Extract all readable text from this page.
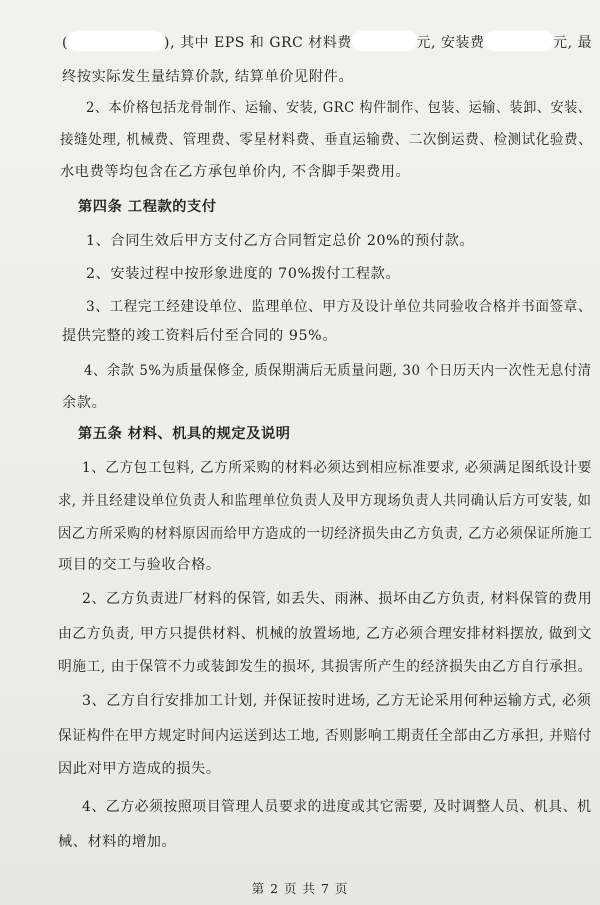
(	), 其中 EPS 和 GRC 材料费	元, 安装费	元, 最
终按实际发生量结算价款, 结算单价见附件。
2、本价格包括龙骨制作、运输、安装, GRC 构件制作、包装、运输、装卸、安装、
接缝处理, 机械费、管理费、零星材料费、垂直运输费、二次倒运费、检测试化验费、
水电费等均包含在乙方承包单价内, 不含脚手架费用。
第四条 工程款的支付
1、合同生效后甲方支付乙方合同暂定总价 20%的预付款。
2、安装过程中按形象进度的 70%拨付工程款。
3、工程完工经建设单位、监理单位、甲方及设计单位共同验收合格并书面签章、
提供完整的竣工资料后付至合同的 95%。
4、余款 5%为质量保修金, 质保期满后无质量问题, 30 个日历天内一次性无息付清
余款。
第五条 材料、机具的规定及说明
1、乙方包工包料, 乙方所采购的材料必须达到相应标准要求, 必须满足图纸设计要
求, 并且经建设单位负责人和监理单位负责人及甲方现场负责人共同确认后方可安装, 如
因乙方所采购的材料原因而给甲方造成的一切经济损失由乙方负责, 乙方必须保证所施工
项目的交工与验收合格。
2、乙方负责进厂材料的保管, 如丢失、雨淋、损坏由乙方负责, 材料保管的费用
由乙方负责, 甲方只提供材料、机械的放置场地, 乙方必须合理安排材料摆放, 做到文
明施工, 由于保管不力或装卸发生的损坏, 其损害所产生的经济损失由乙方自行承担。
3、乙方自行安排加工计划, 并保证按时进场, 乙方无论采用何种运输方式, 必须
保证构件在甲方规定时间内运送到达工地, 否则影响工期责任全部由乙方承担, 并赔付
因此对甲方造成的损失。
4、乙方必须按照项目管理人员要求的进度或其它需要, 及时调整人员、机具、机
械、材料的增加。
第 2 页 共 7 页
